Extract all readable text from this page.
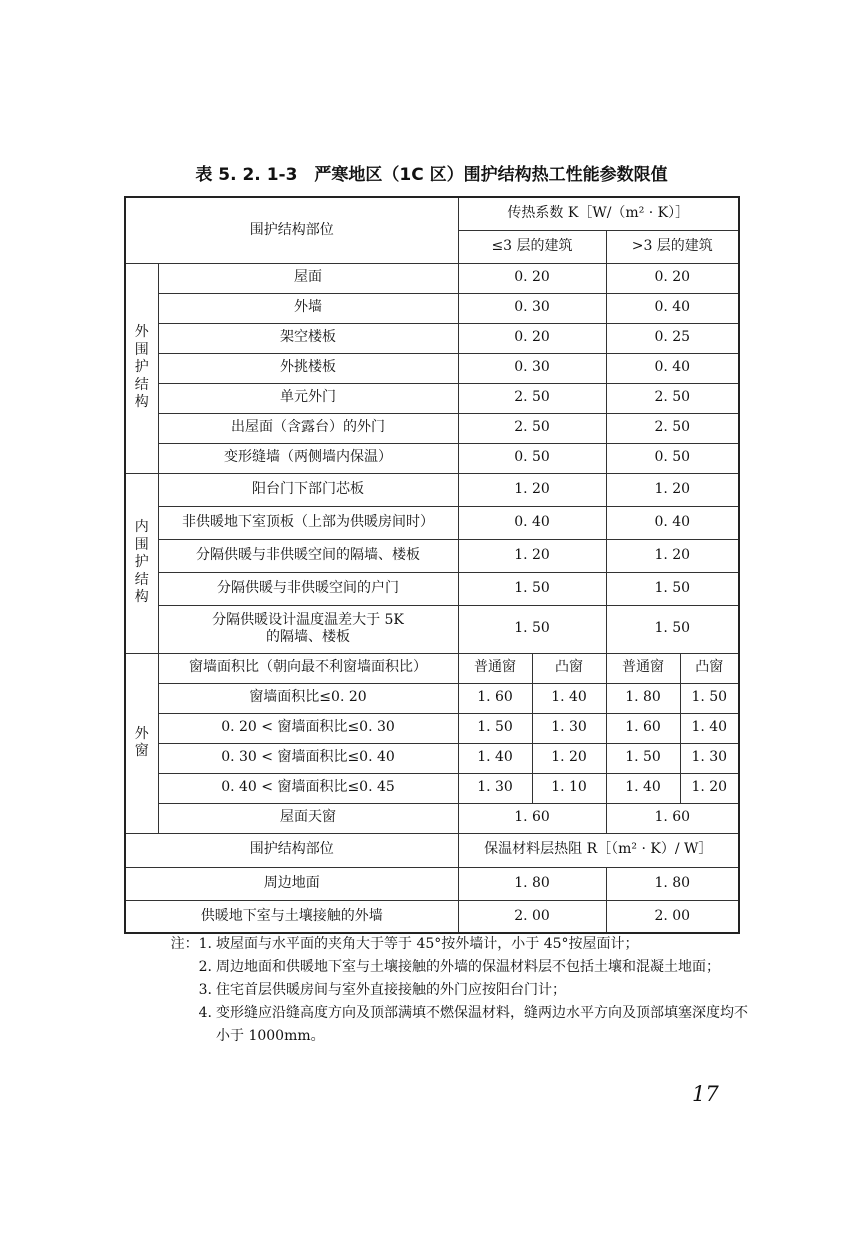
表 5. 2. 1-3　严寒地区（1C 区）围护结构热工性能参数限值
围护结构部位		传热系数 K［W/（m² · K）］			
		≤3 层的建筑		>3 层的建筑	

外
围
护
结
构	屋面	0. 20		0. 20	
	外墙	0. 30		0. 40	
	架空楼板	0. 20		0. 25	
	外挑楼板	0. 30		0. 40	
	单元外门	2. 50		2. 50	
	出屋面（含露台）的外门	2. 50		2. 50	
	变形缝墙（两侧墙内保温）	0. 50		0. 50	

内
围
护
结
构	阳台门下部门芯板	1. 20		1. 20	
	非供暖地下室顶板（上部为供暖房间时）	0. 40		0. 40	
	分隔供暖与非供暖空间的隔墙、楼板	1. 20		1. 20	
	分隔供暖与非供暖空间的户门	1. 50		1. 50	

	分隔供暖设计温度温差大于 5K
的隔墙、楼板	1. 50		1. 50	

外
窗	窗墙面积比（朝向最不利窗墙面积比）	普通窗	凸窗	普通窗	凸窗
	窗墙面积比≤0. 20	1. 60	1. 40	1. 80	1. 50
	0. 20 < 窗墙面积比≤0. 30	1. 50	1. 30	1. 60	1. 40
	0. 30 < 窗墙面积比≤0. 40	1. 40	1. 20	1. 50	1. 30
	0. 40 < 窗墙面积比≤0. 45	1. 30	1. 10	1. 40	1. 20
	屋面天窗	1. 60		1. 60	
围护结构部位		保温材料层热阻 R［（m² · K）/ W］			
周边地面		1. 80		1. 80	
供暖地下室与土壤接触的外墙		2. 00		2. 00	
注：1. 坡屋面与水平面的夹角大于等于 45°按外墙计，小于 45°按屋面计；
2. 周边地面和供暖地下室与土壤接触的外墙的保温材料层不包括土壤和混凝土地面；
3. 住宅首层供暖房间与室外直接接触的外门应按阳台门计；
4. 变形缝应沿缝高度方向及顶部满填不燃保温材料，缝两边水平方向及顶部填塞深度均不小于 1000mm。
17
